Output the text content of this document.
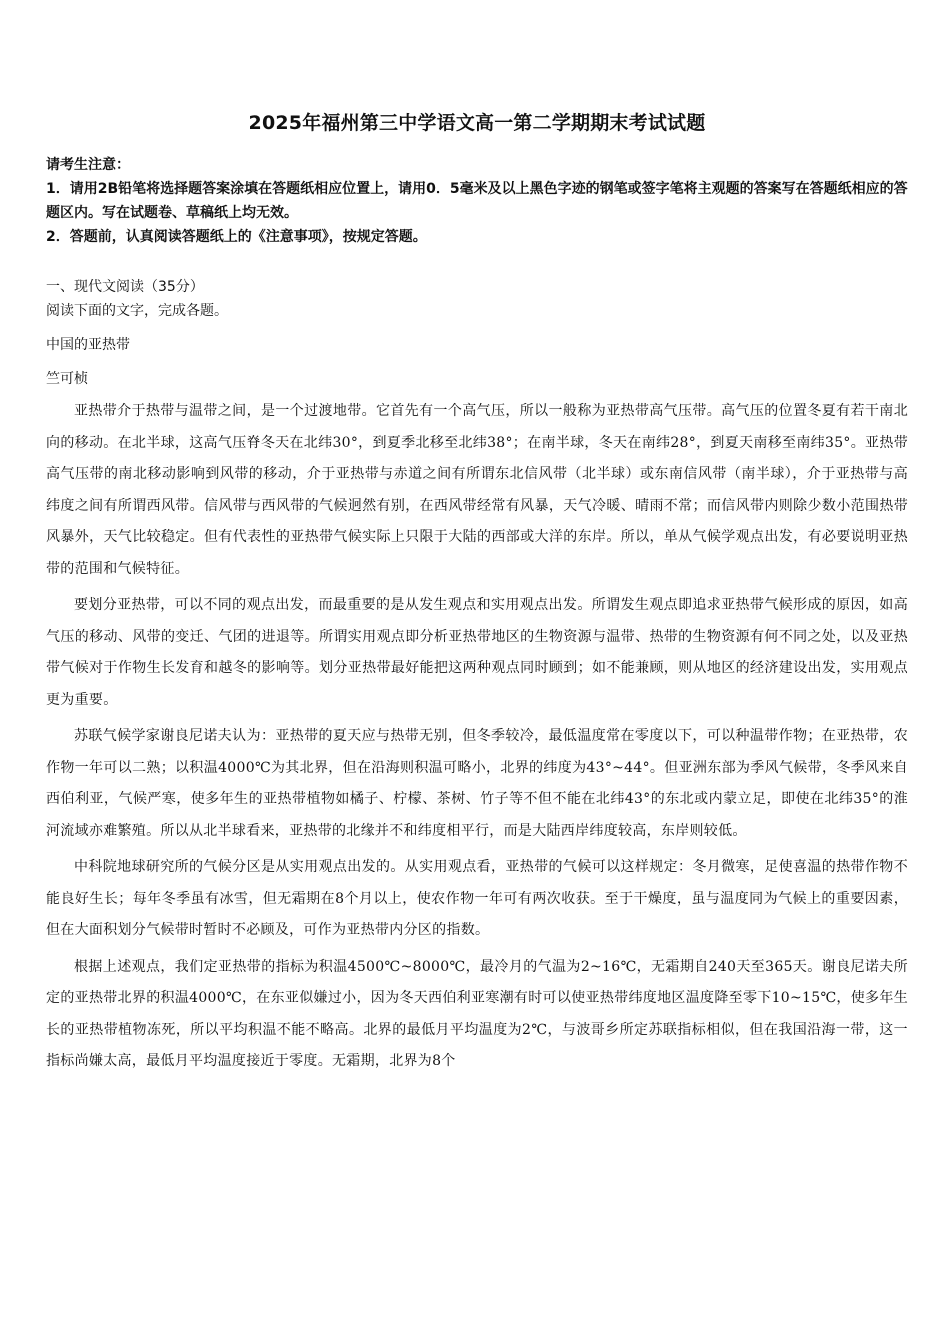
2025年福州第三中学语文高一第二学期期末考试试题
请考生注意：
1．请用2B铅笔将选择题答案涂填在答题纸相应位置上，请用0．5毫米及以上黑色字迹的钢笔或签字笔将主观题的答案写在答题纸相应的答题区内。写在试题卷、草稿纸上均无效。
2．答题前，认真阅读答题纸上的《注意事项》，按规定答题。
一、现代文阅读（35分）
阅读下面的文字，完成各题。
中国的亚热带
竺可桢

亚热带介于热带与温带之间，是一个过渡地带。它首先有一个高气压，所以一般称为亚热带高气压带。高气压的位置冬夏有若干南北向的移动。在北半球，这高气压脊冬天在北纬30°，到夏季北移至北纬38°；在南半球，冬天在南纬28°，到夏天南移至南纬35°。亚热带高气压带的南北移动影响到风带的移动，介于亚热带与赤道之间有所谓东北信风带（北半球）或东南信风带（南半球），介于亚热带与高纬度之间有所谓西风带。信风带与西风带的气候迥然有别，在西风带经常有风暴，天气冷暖、晴雨不常；而信风带内则除少数小范围热带风暴外，天气比较稳定。但有代表性的亚热带气候实际上只限于大陆的西部或大洋的东岸。所以，单从气候学观点出发，有必要说明亚热带的范围和气候特征。

要划分亚热带，可以不同的观点出发，而最重要的是从发生观点和实用观点出发。所谓发生观点即追求亚热带气候形成的原因，如高气压的移动、风带的变迁、气团的进退等。所谓实用观点即分析亚热带地区的生物资源与温带、热带的生物资源有何不同之处，以及亚热带气候对于作物生长发育和越冬的影响等。划分亚热带最好能把这两种观点同时顾到；如不能兼顾，则从地区的经济建设出发，实用观点更为重要。

苏联气候学家谢良尼诺夫认为：亚热带的夏天应与热带无别，但冬季较冷，最低温度常在零度以下，可以种温带作物；在亚热带，农作物一年可以二熟；以积温4000℃为其北界，但在沿海则积温可略小，北界的纬度为43°~44°。但亚洲东部为季风气候带，冬季风来自西伯利亚，气候严寒，使多年生的亚热带植物如橘子、柠檬、茶树、竹子等不但不能在北纬43°的东北或内蒙立足，即使在北纬35°的淮河流域亦难繁殖。所以从北半球看来，亚热带的北缘并不和纬度相平行，而是大陆西岸纬度较高，东岸则较低。

中科院地球研究所的气候分区是从实用观点出发的。从实用观点看，亚热带的气候可以这样规定：冬月微寒，足使喜温的热带作物不能良好生长；每年冬季虽有冰雪，但无霜期在8个月以上，使农作物一年可有两次收获。至于干燥度，虽与温度同为气候上的重要因素，但在大面积划分气候带时暂时不必顾及，可作为亚热带内分区的指数。

根据上述观点，我们定亚热带的指标为积温4500℃~8000℃，最冷月的气温为2~16℃，无霜期自240天至365天。谢良尼诺夫所定的亚热带北界的积温4000℃，在东亚似嫌过小，因为冬天西伯利亚寒潮有时可以使亚热带纬度地区温度降至零下10~15℃，使多年生长的亚热带植物冻死，所以平均积温不能不略高。北界的最低月平均温度为2℃，与波哥乡所定苏联指标相似，但在我国沿海一带，这一指标尚嫌太高，最低月平均温度接近于零度。无霜期，北界为8个
